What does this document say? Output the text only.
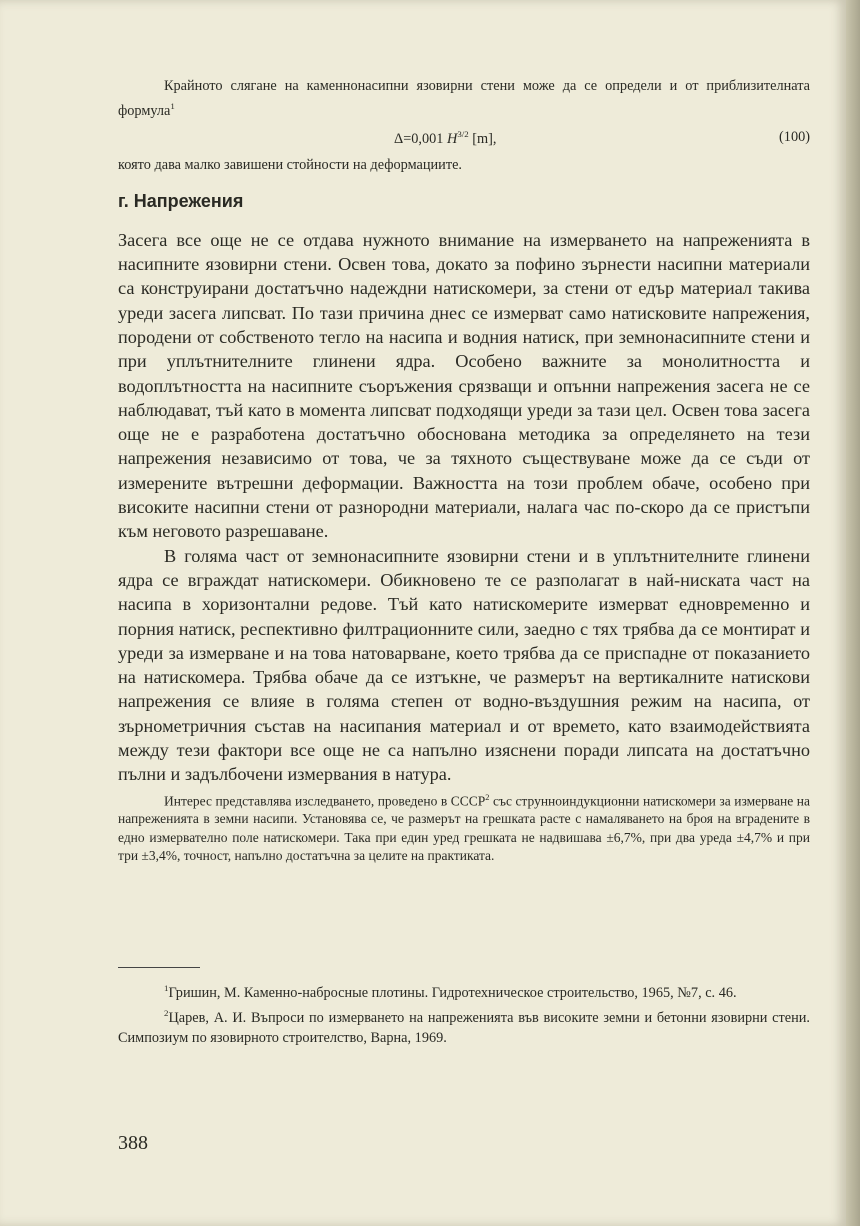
Крайното слягане на каменнонасипни язовирни стени може да се определи и от приблизителната формула$^1$

Δ=0,001 $H^{3/2}$ [m],	(100)

която дава малко завишени стойности на деформациите.

г. Напрежения

Засега все още не се отдава нужното внимание на измерването на напреженията в насипните язовирни стени. Освен това, докато за пофино зърнести насипни материали са конструирани достатъчно надеждни натискомери, за стени от едър материал такива уреди засега липсват. По тази причина днес се измерват само натисковите напрежения, породени от собственото тегло на насипа и водния натиск, при земнонасипните стени и при уплътнителните глинени ядра. Особено важните за монолитността и водоплътността на насипните съоръжения срязващи и опънни напрежения засега не се наблюдават, тъй като в момента липсват подходящи уреди за тази цел. Освен това засега още не е разработена достатъчно обоснована методика за определянето на тези напрежения независимо от това, че за тяхното съществуване може да се съди от измерените вътрешни деформации. Важността на този проблем обаче, особено при високите насипни стени от разнородни материали, налага час по-скоро да се пристъпи към неговото разрешаване.

В голяма част от земнонасипните язовирни стени и в уплътнителните глинени ядра се вграждат натискомери. Обикновено те се разполагат в най-ниската част на насипа в хоризонтални редове. Тъй като натискомерите измерват едновременно и порния натиск, респективно филтрационните сили, заедно с тях трябва да се монтират и уреди за измерване и на това натоварване, което трябва да се приспадне от показанието на натискомера. Трябва обаче да се изтъкне, че размерът на вертикалните натискови напрежения се влияе в голяма степен от водно-въздушния режим на насипа, от зърнометричния състав на насипания материал и от времето, като взаимодействията между тези фактори все още не са напълно изяснени поради липсата на достатъчно пълни и задълбочени измервания в натура.

Интерес представлява изследването, проведено в СССР$^2$ със струнноиндукционни натискомери за измерване на напреженията в земни насипи. Установява се, че размерът на грешката расте с намаляването на броя на вградените в едно измервателно поле натискомери. Така при един уред грешката не надвишава ±6,7%, при два уреда ±4,7% и при три ±3,4%, точност, напълно достатъчна за целите на практиката.

$^1$Гришин, М. Каменно-набросные плотины. Гидротехническое строительство, 1965, №7, с. 46.

$^2$Царев, А. И. Въпроси по измерването на напреженията във високите земни и бетонни язовирни стени. Симпозиум по язовирното строителство, Варна, 1969.

388
